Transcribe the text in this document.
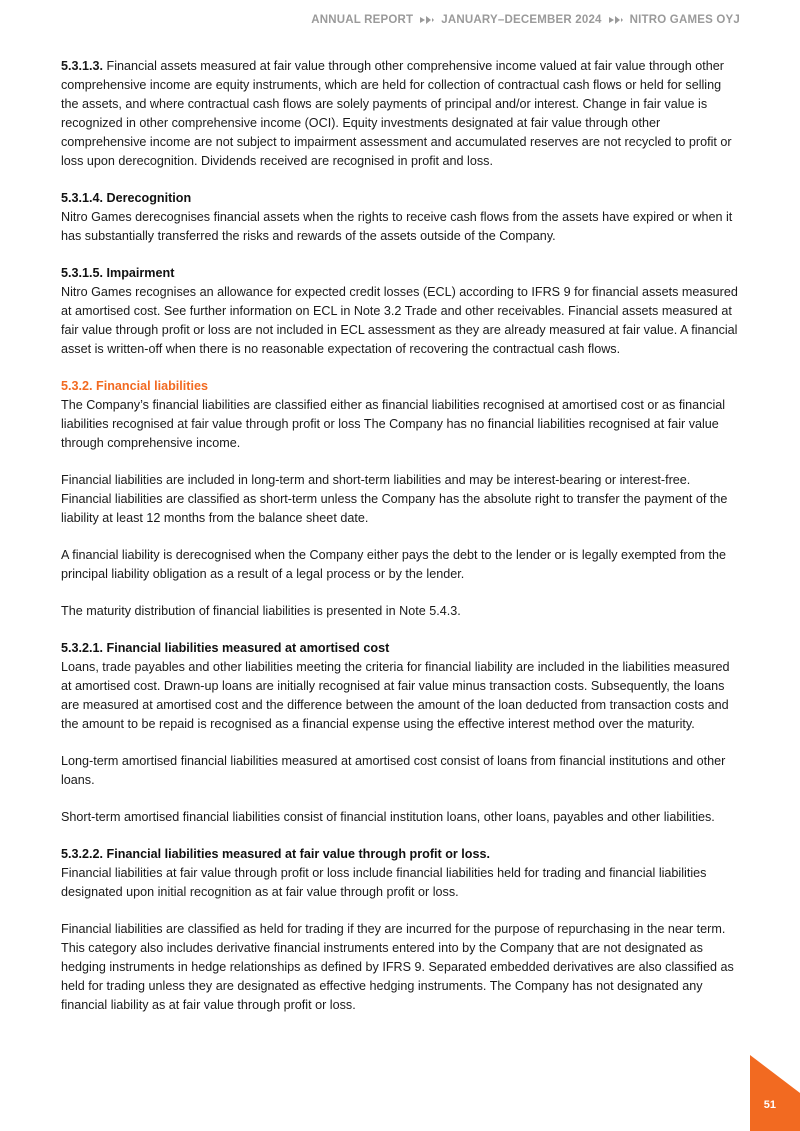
ANNUAL REPORT JANUARY–DECEMBER 2024 NITRO GAMES OYJ

5.3.1.3. Financial assets measured at fair value through other comprehensive income valued at fair value through other comprehensive income are equity instruments, which are held for collection of contractual cash flows or held for selling the assets, and where contractual cash flows are solely payments of principal and/or interest. Change in fair value is recognized in other comprehensive income (OCI). Equity investments designated at fair value through other comprehensive income are not subject to impairment assessment and accumulated reserves are not recycled to profit or loss upon derecognition. Dividends received are recognised in profit and loss.

5.3.1.4. Derecognition

Nitro Games derecognises financial assets when the rights to receive cash flows from the assets have expired or when it has substantially transferred the risks and rewards of the assets outside of the Company.

5.3.1.5. Impairment

Nitro Games recognises an allowance for expected credit losses (ECL) according to IFRS 9 for financial assets measured at amortised cost. See further information on ECL in Note 3.2 Trade and other receivables. Financial assets measured at fair value through profit or loss are not included in ECL assessment as they are already measured at fair value. A financial asset is written-off when there is no reasonable expectation of recovering the contractual cash flows.

5.3.2. Financial liabilities

The Company’s financial liabilities are classified either as financial liabilities recognised at amortised cost or as financial liabilities recognised at fair value through profit or loss The Company has no financial liabilities recognised at fair value through comprehensive income.

Financial liabilities are included in long-term and short-term liabilities and may be interest-bearing or interest-free. Financial liabilities are classified as short-term unless the Company has the absolute right to transfer the payment of the liability at least 12 months from the balance sheet date.

A financial liability is derecognised when the Company either pays the debt to the lender or is legally exempted from the principal liability obligation as a result of a legal process or by the lender.

The maturity distribution of financial liabilities is presented in Note 5.4.3.

5.3.2.1. Financial liabilities measured at amortised cost

Loans, trade payables and other liabilities meeting the criteria for financial liability are included in the liabilities measured at amortised cost. Drawn-up loans are initially recognised at fair value minus transaction costs. Subsequently, the loans are measured at amortised cost and the difference between the amount of the loan deducted from transaction costs and the amount to be repaid is recognised as a financial expense using the effective interest method over the maturity.

Long-term amortised financial liabilities measured at amortised cost consist of loans from financial institutions and other loans.

Short-term amortised financial liabilities consist of financial institution loans, other loans, payables and other liabilities.

5.3.2.2. Financial liabilities measured at fair value through profit or loss.

Financial liabilities at fair value through profit or loss include financial liabilities held for trading and financial liabilities designated upon initial recognition as at fair value through profit or loss.

Financial liabilities are classified as held for trading if they are incurred for the purpose of repurchasing in the near term. This category also includes derivative financial instruments entered into by the Company that are not designated as hedging instruments in hedge relationships as defined by IFRS 9. Separated embedded derivatives are also classified as held for trading unless they are designated as effective hedging instruments. The Company has not designated any financial liability as at fair value through profit or loss.

51
